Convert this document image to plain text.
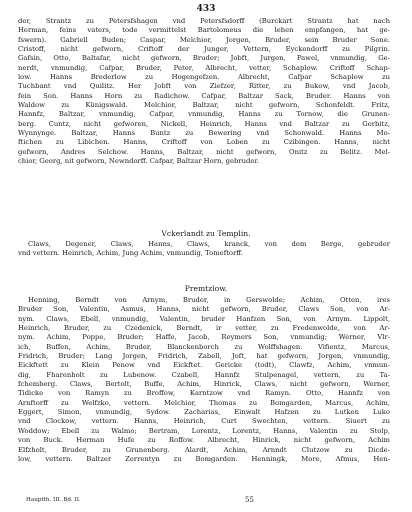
433
der, Strantz zu Petersfshagen vnd Petersfsdorff (Burckart Strantz hat nach
Herman, feins vaters, tode vermittelst Bartolomeus die lehen empfangen, hat ge-
fswern). Gabriell Buden; Caspar, Melchior, Jorgen, Bruder, sein Bruder Sone.
Cristoff, nicht gefworn, Criftoff der Junger, Vettern, Eyckendorff zu Pilgrin.
Gafsin, Otto, Baltafar, nicht gefworn, Bruder; Jobft, Jurgen, Pawel, vnmundig, Ge-
nerdt, vnmundig, Cafpar, Bruder, Peter, Albrecht, vetter, Schaplow. Criftoff Schap-
low. Hanns Brederlow zu Hogengefzen. Albrecht, Cafpar Schaplow zu
Tuchbant vnd Quilitz. Her Jobft von Ziefzer, Ritter, zu Bukow, vnd Jacob,
fein Son. Hanns Horn zu Radichow. Cafpar, Baltzar Sack, Bruder. Hanns von
Waldow zu Künigswald. Melchior, Baltzar, nicht gefworn, Schonfeldt. Fritz,
Hannfz, Baltzar, vnmundig, Cafpar, vnmundig, Hanns zu Tornow, die Grunen-
berg. Cuntz, nicht gefworen, Nickell, Heinrich, Hanns vnd Baltzar zu Gerbitz,
Wynnynge. Baltzar, Hanns Buntz zu Bewering vnd Schonwald. Hanns Mo-
ftichen zu Libichen. Hanns, Criftoff von Loben zu Czibingen. Hanns, nicht
gefworn, Andres Selchow. Hanns, Baltzar, nicht gefworn, Onitz zu Belitz. Mel-
chior, Georg, nit gefworn, Newndorff. Cafpar, Baltzar Horn, gebruder.
Vckerlandt zu Templin.
Claws, Degener, Claws, Hanns, Claws, kranck, von dem Berge, gebruder
vnd vettern. Heinrich, Achim, Jung Achim, vnmundig, Tomeftorff.
Premtzlow.
Henning, Berndt von Arnym, Bruder, in Gerswolde; Achim, Otten, ires
Bruder Son, Valentin, Asmus, Hanns, nicht gefworn, Bruder, Claws Son, von Ar-
nym. Claws, Ebell, vnmundig, Valentin, bruder Hanfzen Son, von Arnym. Lippolt,
Heinrich, Bruder, zu Czedenick, Berndt, ir vetter, zu Fredenwolde, von Ar-
nym. Achim, Poppe, Bruder; Haffe, Jacob, Reymers Son, vnmundig; Werner, Vlr-
ich, Buffen, Achim, Bruder, Blanckenborch zu Wolffshagen. Vifientz, Marcus,
Fridrich, Bruder; Lang Jorgen, Fridrich, Zabell, Joft, hat gefworn, Jorgen, vnmundig,
Eickftett zu Klein Penow vnd Eickftet. Gericke (todt), Clawfz, Achim, vnmun-
dig, Fharenholt zu Lubenow. Czabell, Hannfz Stulpenagel, vettern, zu Ta-
fchemberg. Claws, Bertolt, Buffe, Achim, Hinrick, Claws, nicht gefworn, Werner,
Tidicke von Ramyn zu Broffow, Karntzow vnd Ramyn. Otto, Hannfz von
Arnftorff zu Welfzko, vettern. Melchior, Thomas zu Bomgarden, Marcus, Achim,
Eggert, Simon, vnmundig, Sydow. Zacharias, Einwalt Hafzen zu Lutken Luko
vnd Clockow, vettern. Hanns, Heinrich, Curt Swechten, vettern. Siuert zu
Woddow; Ebell zu Walmo; Bertram, Lorentz, Lorentz, Hanns, Valentin zu Stolp,
von Buck. Herman Hufe zu Roffow. Albrecht, Hinrick, nicht gefworn, Achim
Elfzholt, Bruder, zu Grunenberg. Alardt, Achim, Arnndt Clutzow zu Dicde-
low, vettern. Baltzer Zerrentyn zu Bomgarden. Henningk, More, Afmus, Hen-
Hauptth. III. Bd. II.	55
